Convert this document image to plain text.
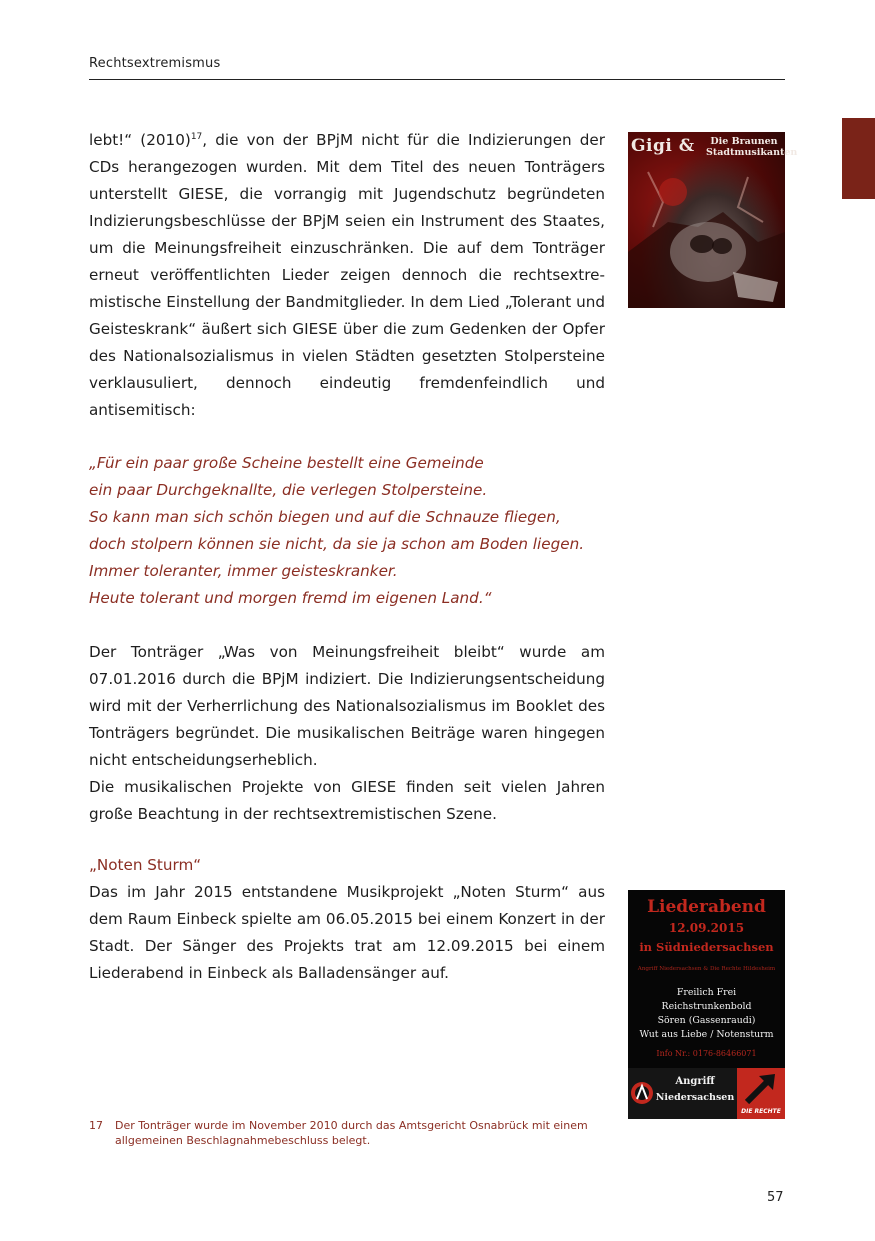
Rechtsextremismus

lebt!“ $(2010)^{17}$, die von der BPjM nicht für die Indizierungen der CDs herangezogen wurden. Mit dem Titel des neuen Tonträgers unterstellt GIESE, die vorrangig mit Jugendschutz begründeten Indizierungsbeschlüsse der BPjM seien ein Instrument des Staates, um die Meinungsfreiheit einzuschränken. Die auf dem Tonträger erneut veröffentlichten Lieder zeigen dennoch die rechtsextremistische Einstellung der Bandmitglieder. In dem Lied „Tolerant und Geisteskrank“ äußert sich GIESE über die zum Gedenken der Opfer des Nationalsozialismus in vielen Städten gesetzten Stolpersteine verklausuliert, dennoch eindeutig fremdenfeindlich und antisemitisch:

„Für ein paar große Scheine bestellt eine Gemeinde
ein paar Durchgeknallte, die verlegen Stolpersteine.
So kann man sich schön biegen und auf die Schnauze fliegen,
doch stolpern können sie nicht, da sie ja schon am Boden liegen.
Immer toleranter, immer geisteskranker.
Heute tolerant und morgen fremd im eigenen Land.“

Der Tonträger „Was von Meinungsfreiheit bleibt“ wurde am 07.01.2016 durch die BPjM indiziert. Die Indizierungsentscheidung wird mit der Verherrlichung des Nationalsozialismus im Booklet des Tonträgers begründet. Die musikalischen Beiträge waren hingegen nicht entscheidungserheblich.

Die musikalischen Projekte von GIESE finden seit vielen Jahren große Beachtung in der rechtsextremistischen Szene.

„Noten Sturm“

Das im Jahr 2015 entstandene Musikprojekt „Noten Sturm“ aus dem Raum Einbeck spielte am 06.05.2015 bei einem Konzert in der Stadt. Der Sänger des Projekts trat am 12.09.2015 bei einem Liederabend in Einbeck als Balladensänger auf.

Gigi &	Die Braunen Stadtmusikanten
Liederabend
12.09.2015
in Südniedersachsen
Angriff Niedersachsen & Die Rechte Hildesheim
Freilich Frei
Reichstrunkenbold
Sören (Gassenraudi)
Wut aus Liebe / Notensturm
Info Nr.: 0176-86466071
Angriff
Niedersachsen
DIE RECHTE
17 Der Tonträger wurde im November 2010 durch das Amtsgericht Osnabrück mit einem allgemeinen Beschlagnahmebeschluss belegt.
57
